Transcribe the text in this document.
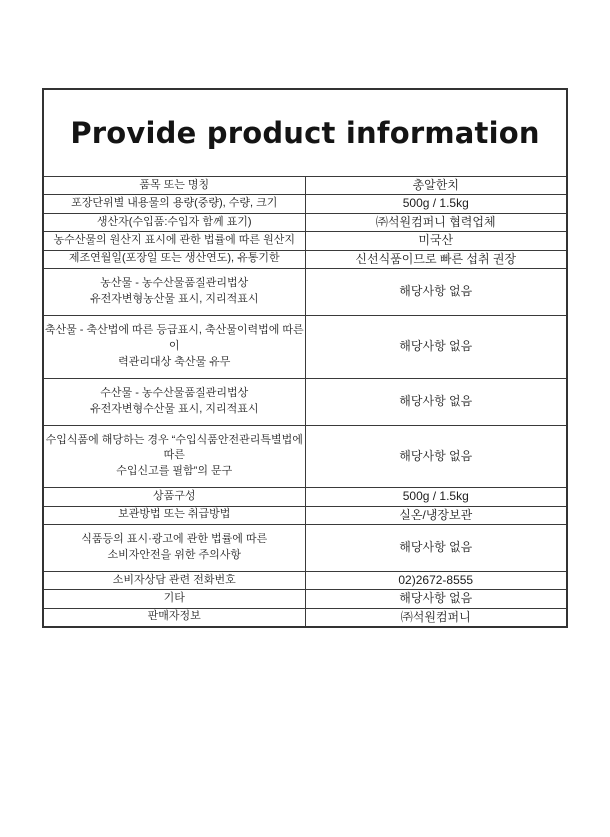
Provide product information	
품목 또는 명칭	총알한치
포장단위별 내용물의 용량(중량), 수량, 크기	500g / 1.5kg
생산자(수입품:수입자 함께 표기)	㈜석원컴퍼니 협력업체
농수산물의 원산지 표시에 관한 법률에 따른 원산지	미국산
제조연월일(포장일 또는 생산연도), 유통기한	신선식품이므로 빠른 섭취 권장
농산물 - 농수산물품질관리법상
유전자변형농산물 표시, 지리적표시	해당사항 없음
축산물 - 축산법에 따른 등급표시, 축산물이력법에 따른 이
력관리대상 축산물 유무	해당사항 없음
수산물 - 농수산물품질관리법상
유전자변형수산물 표시, 지리적표시	해당사항 없음
수입식품에 해당하는 경우 “수입식품안전관리특별법에 따른
수입신고를 필함”의 문구	해당사항 없음
상품구성	500g / 1.5kg
보관방법 또는 취급방법	실온/냉장보관
식품등의 표시·광고에 관한 법률에 따른
소비자안전을 위한 주의사항	해당사항 없음
소비자상담 관련 전화번호	02)2672-8555
기타	해당사항 없음
판매자정보	㈜석원컴퍼니
